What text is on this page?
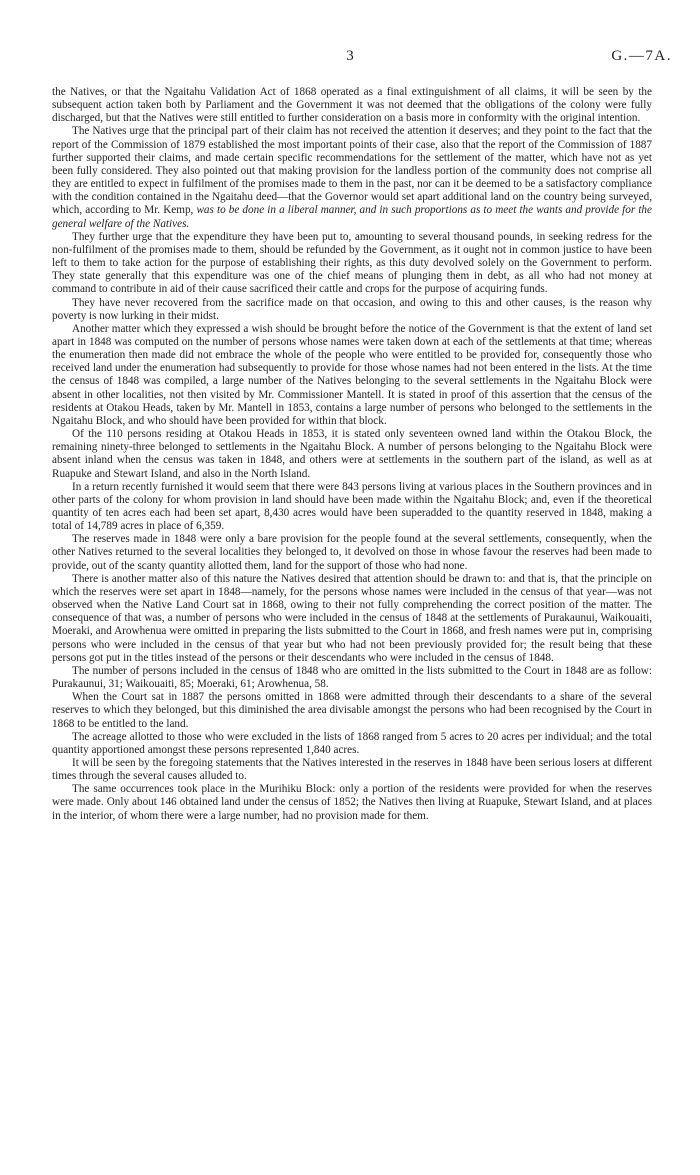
3	G.—7A.

the Natives, or that the Ngaitahu Validation Act of 1868 operated as a final extinguishment of all claims, it will be seen by the subsequent action taken both by Parliament and the Government it was not deemed that the obligations of the colony were fully discharged, but that the Natives were still entitled to further consideration on a basis more in conformity with the original intention.

The Natives urge that the principal part of their claim has not received the attention it deserves; and they point to the fact that the report of the Commission of 1879 established the most important points of their case, also that the report of the Commission of 1887 further supported their claims, and made certain specific recommendations for the settlement of the matter, which have not as yet been fully considered. They also pointed out that making provision for the landless portion of the community does not comprise all they are entitled to expect in fulfilment of the promises made to them in the past, nor can it be deemed to be a satisfactory compliance with the condition contained in the Ngaitahu deed—that the Governor would set apart additional land on the country being surveyed, which, according to Mr. Kemp, was to be done in a liberal manner, and in such proportions as to meet the wants and provide for the general welfare of the Natives.

They further urge that the expenditure they have been put to, amounting to several thousand pounds, in seeking redress for the non-fulfilment of the promises made to them, should be refunded by the Government, as it ought not in common justice to have been left to them to take action for the purpose of establishing their rights, as this duty devolved solely on the Government to perform. They state generally that this expenditure was one of the chief means of plunging them in debt, as all who had not money at command to contribute in aid of their cause sacrificed their cattle and crops for the purpose of acquiring funds.

They have never recovered from the sacrifice made on that occasion, and owing to this and other causes, is the reason why poverty is now lurking in their midst.

Another matter which they expressed a wish should be brought before the notice of the Government is that the extent of land set apart in 1848 was computed on the number of persons whose names were taken down at each of the settlements at that time; whereas the enumeration then made did not embrace the whole of the people who were entitled to be provided for, consequently those who received land under the enumeration had subsequently to provide for those whose names had not been entered in the lists. At the time the census of 1848 was compiled, a large number of the Natives belonging to the several settlements in the Ngaitahu Block were absent in other localities, not then visited by Mr. Commissioner Mantell. It is stated in proof of this assertion that the census of the residents at Otakou Heads, taken by Mr. Mantell in 1853, contains a large number of persons who belonged to the settlements in the Ngaitahu Block, and who should have been provided for within that block.

Of the 110 persons residing at Otakou Heads in 1853, it is stated only seventeen owned land within the Otakou Block, the remaining ninety-three belonged to settlements in the Ngaitahu Block. A number of persons belonging to the Ngaitahu Block were absent inland when the census was taken in 1848, and others were at settlements in the southern part of the island, as well as at Ruapuke and Stewart Island, and also in the North Island.

In a return recently furnished it would seem that there were 843 persons living at various places in the Southern provinces and in other parts of the colony for whom provision in land should have been made within the Ngaitahu Block; and, even if the theoretical quantity of ten acres each had been set apart, 8,430 acres would have been superadded to the quantity reserved in 1848, making a total of 14,789 acres in place of 6,359.

The reserves made in 1848 were only a bare provision for the people found at the several settlements, consequently, when the other Natives returned to the several localities they belonged to, it devolved on those in whose favour the reserves had been made to provide, out of the scanty quantity allotted them, land for the support of those who had none.

There is another matter also of this nature the Natives desired that attention should be drawn to: and that is, that the principle on which the reserves were set apart in 1848—namely, for the persons whose names were included in the census of that year—was not observed when the Native Land Court sat in 1868, owing to their not fully comprehending the correct position of the matter. The consequence of that was, a number of persons who were included in the census of 1848 at the settlements of Purakaunui, Waikouaiti, Moeraki, and Arowhenua were omitted in preparing the lists submitted to the Court in 1868, and fresh names were put in, comprising persons who were included in the census of that year but who had not been previously provided for; the result being that these persons got put in the titles instead of the persons or their descendants who were included in the census of 1848.

The number of persons included in the census of 1848 who are omitted in the lists submitted to the Court in 1848 are as follow: Purakaunui, 31; Waikouaiti, 85; Moeraki, 61; Arowhenua, 58.

When the Court sat in 1887 the persons omitted in 1868 were admitted through their descendants to a share of the several reserves to which they belonged, but this diminished the area divisable amongst the persons who had been recognised by the Court in 1868 to be entitled to the land.

The acreage allotted to those who were excluded in the lists of 1868 ranged from 5 acres to 20 acres per individual; and the total quantity apportioned amongst these persons represented 1,840 acres.

It will be seen by the foregoing statements that the Natives interested in the reserves in 1848 have been serious losers at different times through the several causes alluded to.

The same occurrences took place in the Murihiku Block: only a portion of the residents were provided for when the reserves were made. Only about 146 obtained land under the census of 1852; the Natives then living at Ruapuke, Stewart Island, and at places in the interior, of whom there were a large number, had no provision made for them.
